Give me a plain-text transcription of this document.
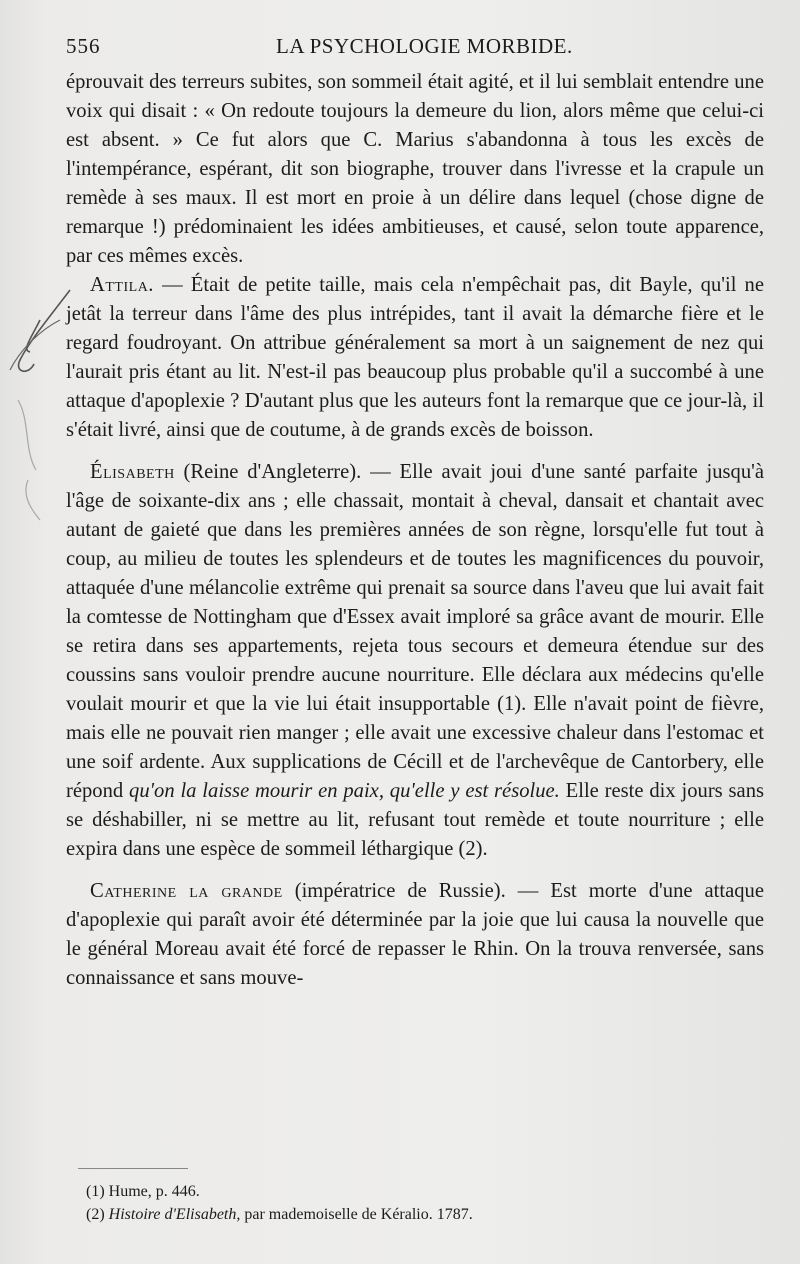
556	LA PSYCHOLOGIE MORBIDE.

éprouvait des terreurs subites, son sommeil était agité, et il lui semblait entendre une voix qui disait : « On redoute toujours la demeure du lion, alors même que celui-ci est absent. » Ce fut alors que C. Marius s'abandonna à tous les excès de l'intempérance, espérant, dit son biographe, trouver dans l'ivresse et la crapule un remède à ses maux. Il est mort en proie à un délire dans lequel (chose digne de remarque !) prédominaient les idées ambitieuses, et causé, selon toute apparence, par ces mêmes excès.

Attila. — Était de petite taille, mais cela n'empêchait pas, dit Bayle, qu'il ne jetât la terreur dans l'âme des plus intrépides, tant il avait la démarche fière et le regard foudroyant. On attribue généralement sa mort à un saignement de nez qui l'aurait pris étant au lit. N'est-il pas beaucoup plus probable qu'il a succombé à une attaque d'apoplexie ? D'autant plus que les auteurs font la remarque que ce jour-là, il s'était livré, ainsi que de coutume, à de grands excès de boisson.

Élisabeth (Reine d'Angleterre). — Elle avait joui d'une santé parfaite jusqu'à l'âge de soixante-dix ans ; elle chassait, montait à cheval, dansait et chantait avec autant de gaieté que dans les premières années de son règne, lorsqu'elle fut tout à coup, au milieu de toutes les splendeurs et de toutes les magnificences du pouvoir, attaquée d'une mélancolie extrême qui prenait sa source dans l'aveu que lui avait fait la comtesse de Nottingham que d'Essex avait imploré sa grâce avant de mourir. Elle se retira dans ses appartements, rejeta tous secours et demeura étendue sur des coussins sans vouloir prendre aucune nourriture. Elle déclara aux médecins qu'elle voulait mourir et que la vie lui était insupportable (1). Elle n'avait point de fièvre, mais elle ne pouvait rien manger ; elle avait une excessive chaleur dans l'estomac et une soif ardente. Aux supplications de Cécill et de l'archevêque de Cantorbery, elle répond qu'on la laisse mourir en paix, qu'elle y est résolue. Elle reste dix jours sans se déshabiller, ni se mettre au lit, refusant tout remède et toute nourriture ; elle expira dans une espèce de sommeil léthargique (2).

Catherine la grande (impératrice de Russie). — Est morte d'une attaque d'apoplexie qui paraît avoir été déterminée par la joie que lui causa la nouvelle que le général Moreau avait été forcé de repasser le Rhin. On la trouva renversée, sans connaissance et sans mouve-

(1) Hume, p. 446.
(2) Histoire d'Elisabeth, par mademoiselle de Kéralio. 1787.
